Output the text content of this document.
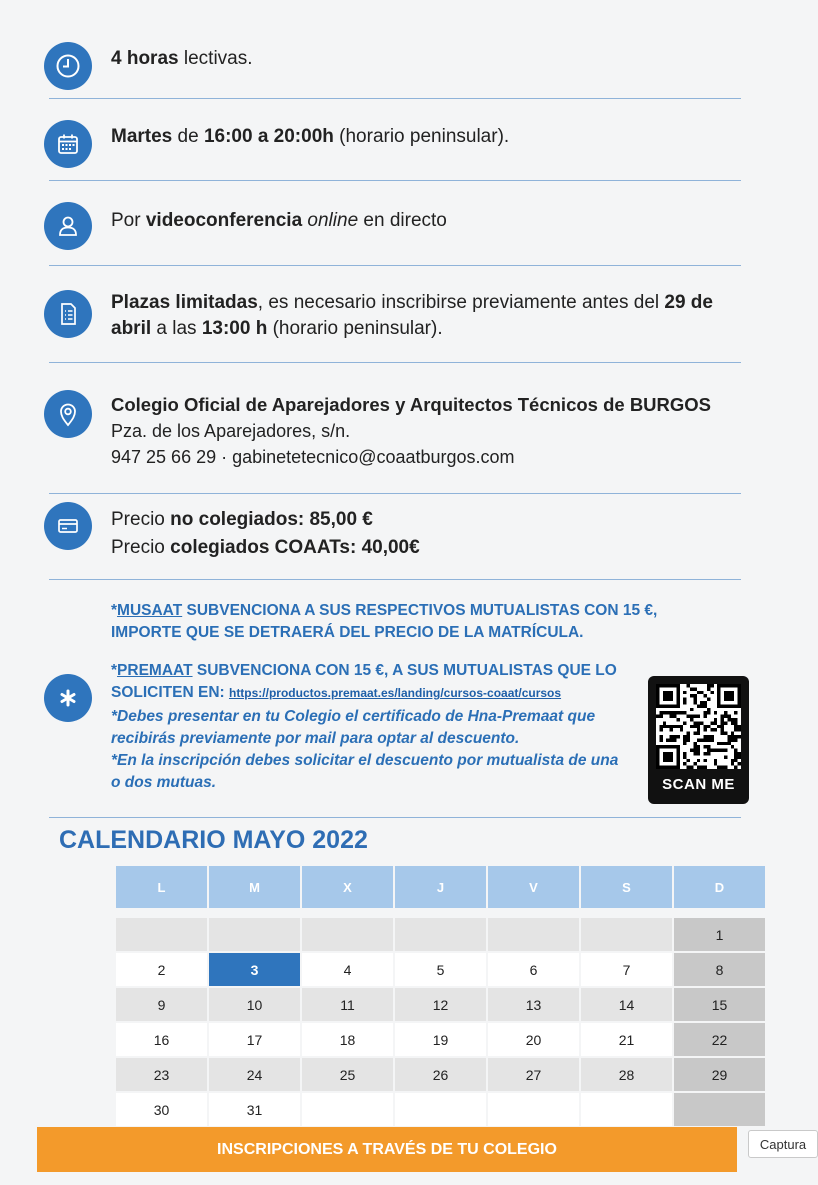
4 horas lectivas.
Martes de 16:00 a 20:00h (horario peninsular).
Por videoconferencia online en directo
Plazas limitadas, es necesario inscribirse previamente antes del 29 de abril a las 13:00 h (horario peninsular).
Colegio Oficial de Aparejadores y Arquitectos Técnicos de BURGOS
Pza. de los Aparejadores, s/n.
947 25 66 29 · gabinetetecnico@coaatburgos.com
Precio no colegiados: 85,00 €
Precio colegiados COAATs: 40,00€
*MUSAAT SUBVENCIONA A SUS RESPECTIVOS MUTUALISTAS CON 15 €, IMPORTE QUE SE DETRAERÁ DEL PRECIO DE LA MATRÍCULA.
*PREMAAT SUBVENCIONA CON 15 €, A SUS MUTUALISTAS QUE LO SOLICITEN EN: https://productos.premaat.es/landing/cursos-coaat/cursos
*Debes presentar en tu Colegio el certificado de Hna-Premaat que recibirás previamente por mail para optar al descuento.
*En la inscripción debes solicitar el descuento por mutualista de una o dos mutuas.	SCAN ME
CALENDARIO MAYO 2022
L	M	X	J	V	S	D

						1
2	3	4	5	6	7	8
9	10	11	12	13	14	15
16	17	18	19	20	21	22
23	24	25	26	27	28	29
30	31					
INSCRIPCIONES A TRAVÉS DE TU COLEGIO	Captura
